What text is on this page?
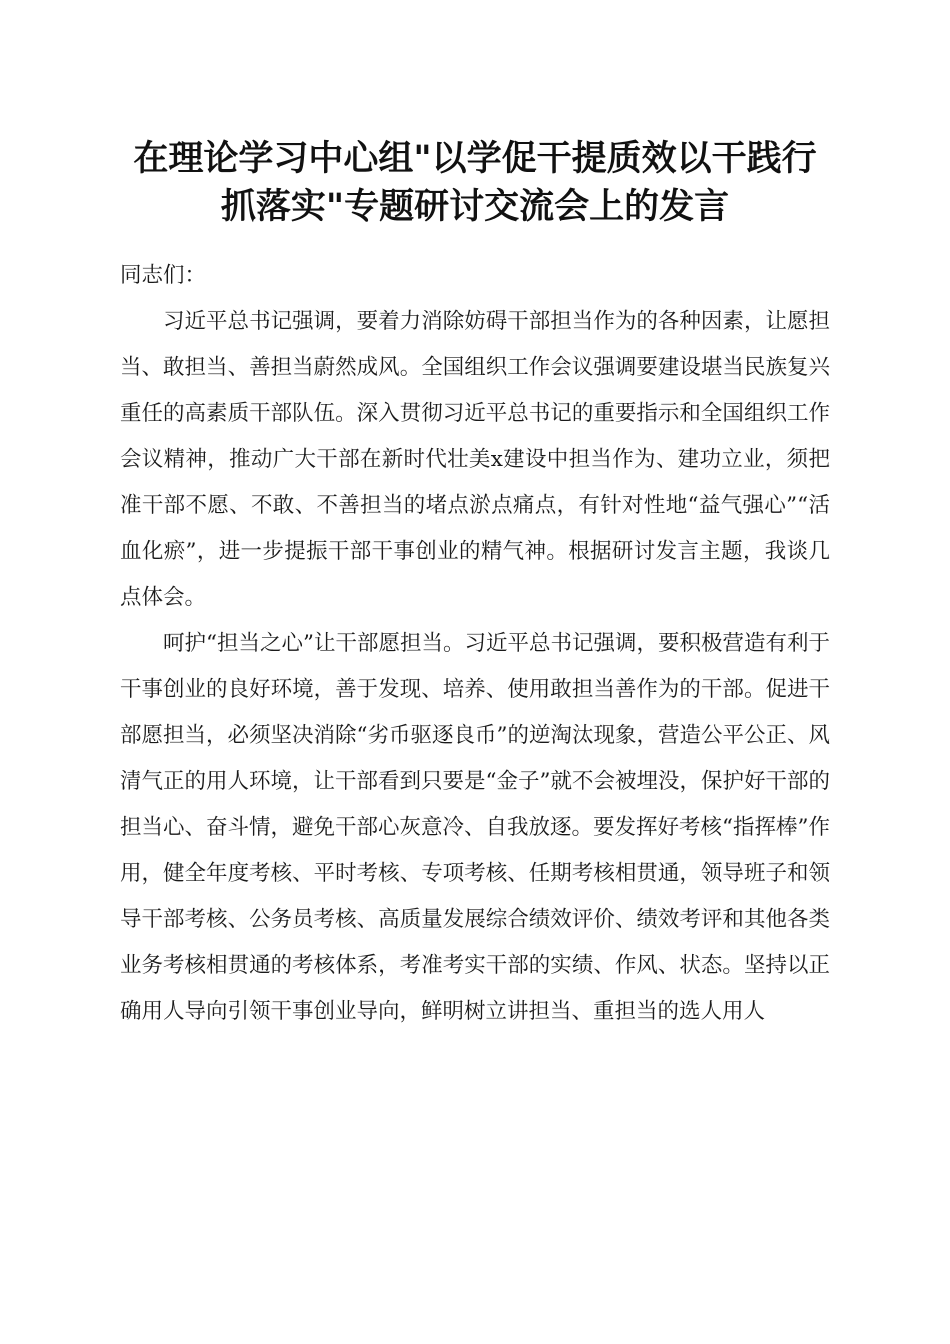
在理论学习中心组"以学促干提质效以干践行
抓落实"专题研讨交流会上的发言

同志们：

习近平总书记强调，要着力消除妨碍干部担当作为的各种因素，让愿担当、敢担当、善担当蔚然成风。全国组织工作会议强调要建设堪当民族复兴重任的高素质干部队伍。深入贯彻习近平总书记的重要指示和全国组织工作会议精神，推动广大干部在新时代壮美x建设中担当作为、建功立业，须把准干部不愿、不敢、不善担当的堵点淤点痛点，有针对性地“益气强心”“活血化瘀”，进一步提振干部干事创业的精气神。根据研讨发言主题，我谈几点体会。

呵护“担当之心”让干部愿担当。习近平总书记强调，要积极营造有利于干事创业的良好环境，善于发现、培养、使用敢担当善作为的干部。促进干部愿担当，必须坚决消除“劣币驱逐良币”的逆淘汰现象，营造公平公正、风清气正的用人环境，让干部看到只要是“金子”就不会被埋没，保护好干部的担当心、奋斗情，避免干部心灰意冷、自我放逐。要发挥好考核“指挥棒”作用，健全年度考核、平时考核、专项考核、任期考核相贯通，领导班子和领导干部考核、公务员考核、高质量发展综合绩效评价、绩效考评和其他各类业务考核相贯通的考核体系，考准考实干部的实绩、作风、状态。坚持以正确用人导向引领干事创业导向，鲜明树立讲担当、重担当的选人用人
